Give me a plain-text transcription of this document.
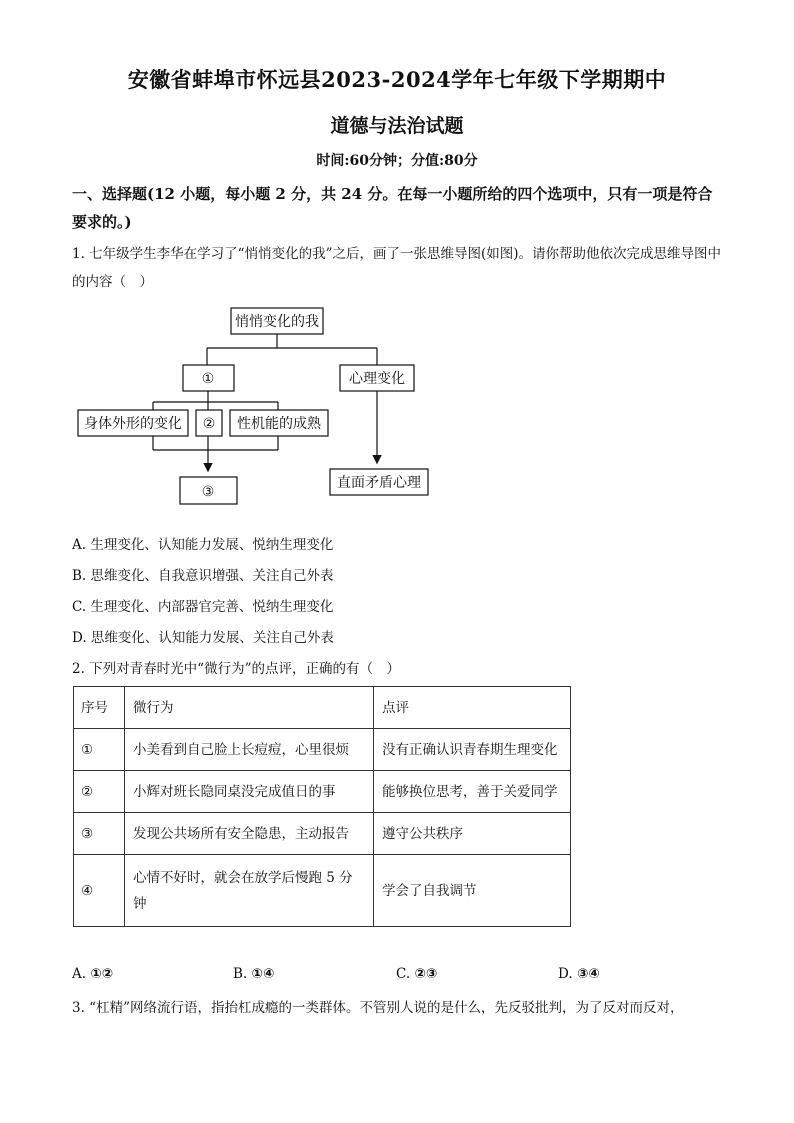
安徽省蚌埠市怀远县2023-2024学年七年级下学期期中
道德与法治试题
时间:60分钟；分值:80分
一、选择题(12 小题，每小题 2 分，共 24 分。在每一小题所给的四个选项中，只有一项是符合要求的。)
1. 七年级学生李华在学习了“悄悄变化的我”之后，画了一张思维导图(如图)。请你帮助他依次完成思维导图中的内容（　）
悄悄变化的我
①	心理变化
身体外形的变化 ② 性机能的成熟
③
直面矛盾心理
A. 生理变化、认知能力发展、悦纳生理变化
B. 思维变化、自我意识增强、关注自己外表
C. 生理变化、内部器官完善、悦纳生理变化
D. 思维变化、认知能力发展、关注自己外表
2. 下列对青春时光中“微行为”的点评，正确的有（　）
序号	微行为	点评
①	小美看到自己脸上长痘痘，心里很烦	没有正确认识青春期生理变化
②	小辉对班长隐同桌没完成值日的事	能够换位思考，善于关爱同学
③	发现公共场所有安全隐患，主动报告	遵守公共秩序
④	心情不好时，就会在放学后慢跑 5 分钟	学会了自我调节
A. ①②	B. ①④	C. ②③	D. ③④
3. “杠精”网络流行语，指抬杠成瘾的一类群体。不管别人说的是什么，先反驳批判，为了反对而反对，
